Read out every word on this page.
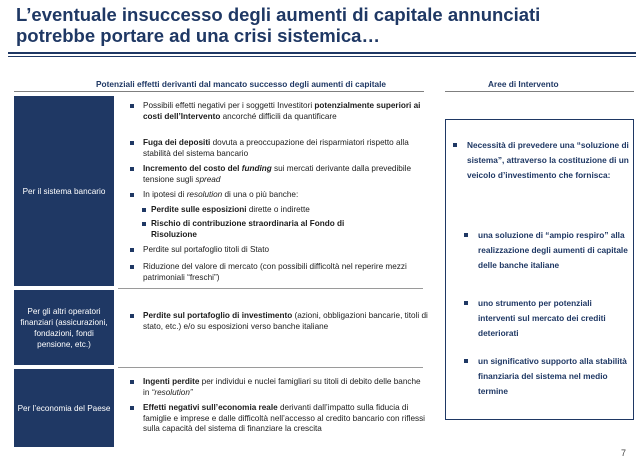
L’eventuale insuccesso degli aumenti di capitale annunciati
potrebbe portare ad una crisi sistemica…
Potenziali effetti derivanti dal mancato successo degli aumenti di capitale	Aree di Intervento
Per il sistema bancario
Per gli altri operatori finanziari (assicurazioni, fondazioni, fondi pensione, etc.)
Per l’economia del Paese
Possibili effetti negativi per i soggetti Investitori potenzialmente superiori ai costi dell’Intervento ancorché difficili da quantificare
Fuga dei depositi dovuta a preoccupazione dei risparmiatori rispetto alla stabilità del sistema bancario
Incremento del costo del funding sui mercati derivante dalla prevedibile tensione sugli spread
In ipotesi di resolution di una o più banche:
Perdite sulle esposizioni dirette o indirette
Rischio di contribuzione straordinaria al Fondo di Risoluzione
Perdite sul portafoglio titoli di Stato
Riduzione del valore di mercato (con possibili difficoltà nel reperire mezzi patrimoniali “freschi”)
Perdite sul portafoglio di investimento (azioni, obbligazioni bancarie, titoli di stato, etc.) e/o su esposizioni verso banche italiane
Ingenti perdite per individui e nuclei famigliari su titoli di debito delle banche in “resolution”
Effetti negativi sull’economia reale derivanti dall’impatto sulla fiducia di famiglie e imprese e dalle difficoltà nell’accesso al credito bancario con riflessi sulla capacità del sistema di finanziare la crescita
Necessità di prevedere una “soluzione di sistema”, attraverso la costituzione di un veicolo d’investimento che fornisca:
una soluzione di “ampio respiro” alla realizzazione degli aumenti di capitale delle banche italiane
uno strumento per potenziali interventi sul mercato dei crediti deteriorati
un significativo supporto alla stabilità finanziaria del sistema nel medio termine
7
